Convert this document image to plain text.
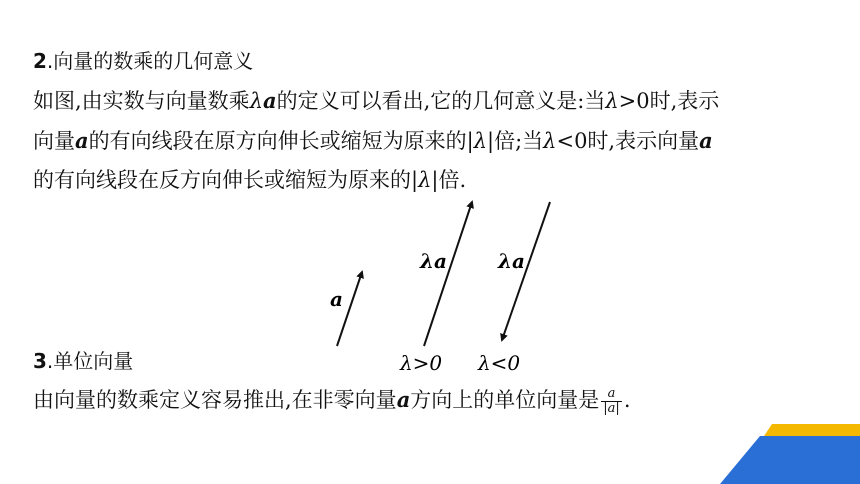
2.向量的数乘的几何意义
如图,由实数与向量数乘λa的定义可以看出,它的几何意义是:当λ>0时,表示
向量a的有向线段在原方向伸长或缩短为原来的|λ|倍;当λ<0时,表示向量a
的有向线段在反方向伸长或缩短为原来的|λ|倍.
a
λa	λa
λ>0 λ<0
3.单位向量
由向量的数乘定义容易推出,在非零向量a方向上的单位向量是 $\frac{a}{|a|}$ .
